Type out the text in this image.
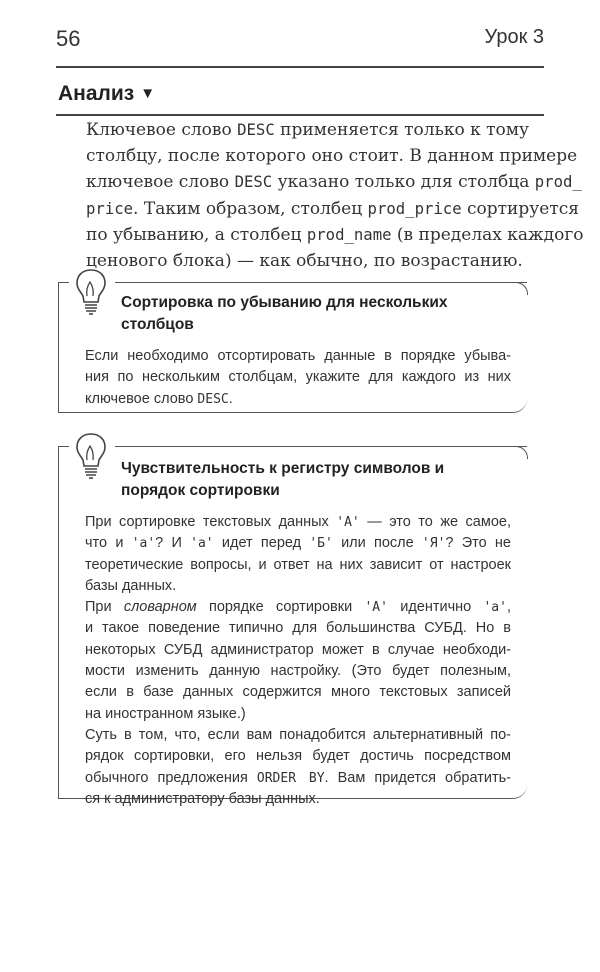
56	Урок 3
Анализ ▼
Ключевое слово DESC применяется только к тому
столбцу, после которого оно стоит. В данном примере
ключевое слово DESC указано только для столбца prod_
price. Таким образом, столбец prod_price сортируется
по убыванию, а столбец prod_name (в пределах каждого
ценового блока) — как обычно, по возрастанию.
Сортировка по убыванию для нескольких
столбцов
Если необходимо отсортировать данные в порядке убыва-
ния по нескольким столбцам, укажите для каждого из них
ключевое слово DESC.
Чувствительность к регистру символов и
порядок сортировки
При сортировке текстовых данных 'A' — это то же самое,
что и 'a'? И 'a' идет перед 'Б' или после 'Я'? Это не
теоретические вопросы, и ответ на них зависит от настроек
базы данных.
При словарном порядке сортировки 'A' идентично 'a',
и такое поведение типично для большинства СУБД. Но в
некоторых СУБД администратор может в случае необходи-
мости изменить данную настройку. (Это будет полезным,
если в базе данных содержится много текстовых записей
на иностранном языке.)
Суть в том, что, если вам понадобится альтернативный по-
рядок сортировки, его нельзя будет достичь посредством
обычного предложения ORDER BY. Вам придется обратить-
ся к администратору базы данных.
